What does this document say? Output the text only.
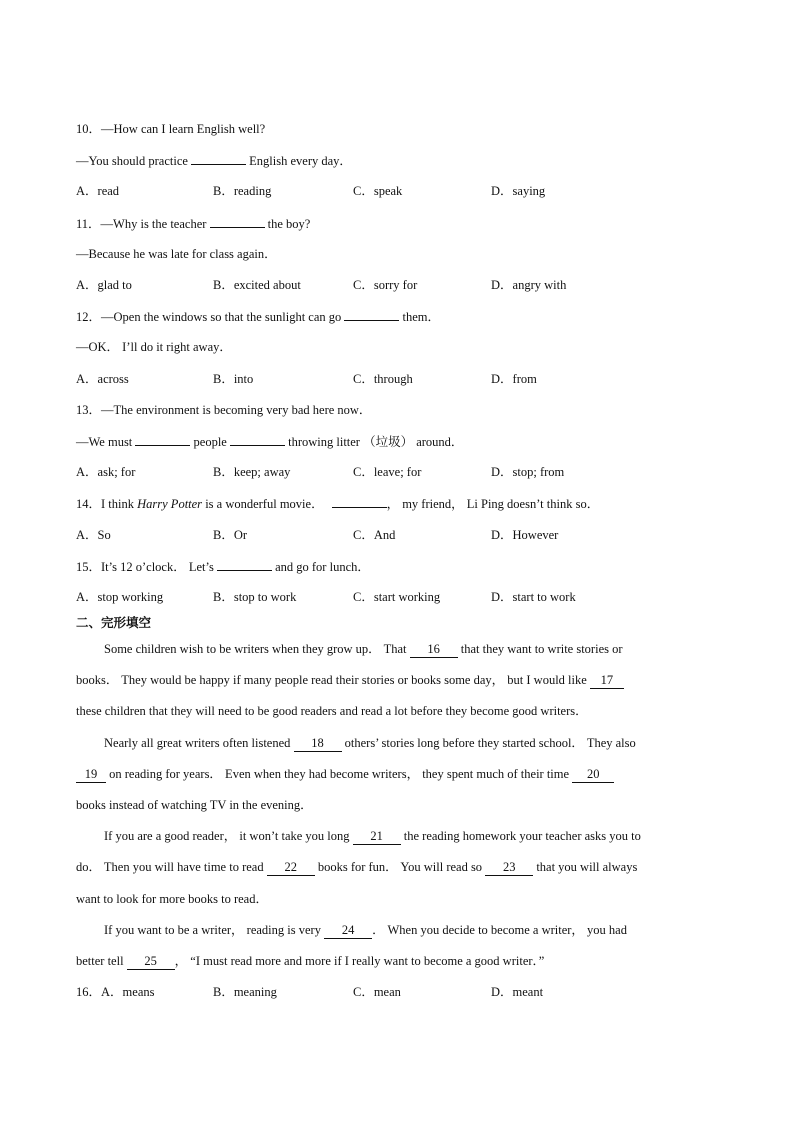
10．—How can I learn English well?
—You should practice	English every day．
A．read	B．reading	C．speak	D．saying
11．—Why is the teacher	the boy?
—Because he was late for class again．
A．glad to	B．excited about	C．sorry for	D．angry with
12．—Open the windows so that the sunlight can go	them．
—OK． I’ll do it right away．
A．across	B．into	C．through	D．from
13．—The environment is becoming very bad here now．
—We must	people	throwing litter （垃圾） around．
A．ask; for	B．keep; away	C．leave; for	D．stop; from
14．I think Harry Potter is a wonderful movie．	， my friend， Li Ping doesn’t think so．
A．So	B．Or	C．And	D．However
15．It’s 12 o’clock． Let’s	and go for lunch．
A．stop working	B．stop to work	C．start working	D．start to work
二、完形填空
Some children wish to be writers when they grow up． That 16 that they want to write stories or
books． They would be happy if many people read their stories or books some day， but I would like 17
these children that they will need to be good readers and read a lot before they become good writers．
Nearly all great writers often listened 18 others’ stories long before they started school． They also
19 on reading for years． Even when they had become writers， they spent much of their time 20
books instead of watching TV in the evening．
If you are a good reader， it won’t take you long 21 the reading homework your teacher asks you to
do． Then you will have time to read 22 books for fun． You will read so 23 that you will always
want to look for more books to read．
If you want to be a writer， reading is very 24 ． When you decide to become a writer， you had
better tell 25 ， “I must read more and more if I really want to become a good writer．”
16．A．means	B．meaning	C．mean	D．meant
